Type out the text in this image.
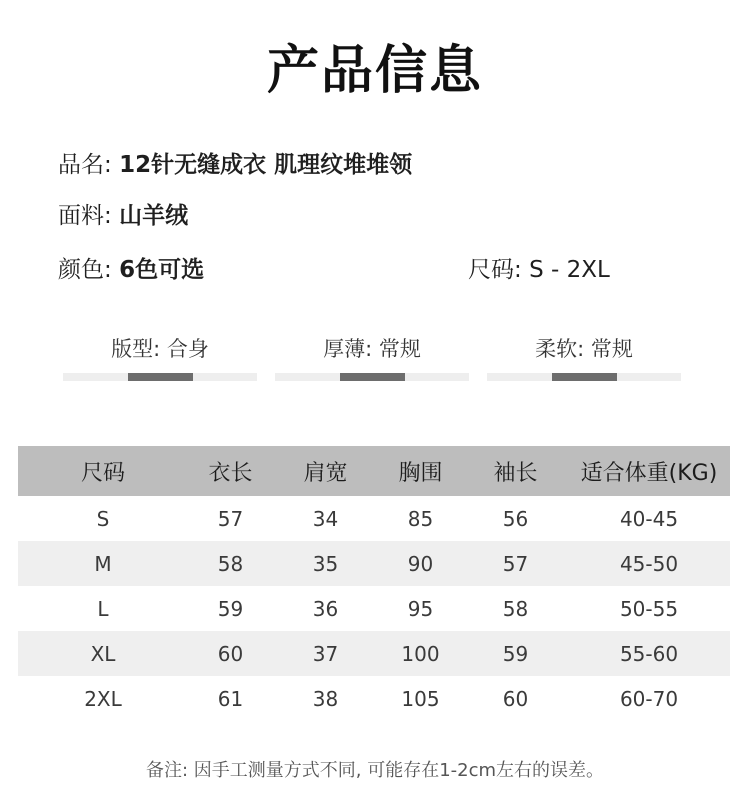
产品信息
品名: 12针无缝成衣 肌理纹堆堆领
面料: 山羊绒
颜色: 6色可选	尺码: S - 2XL
版型: 合身	厚薄: 常规	柔软: 常规
尺码	衣长	肩宽	胸围	袖长	适合体重(KG)
S	57	34	85	56	40-45
M	58	35	90	57	45-50
L	59	36	95	58	50-55
XL	60	37	100	59	55-60
2XL	61	38	105	60	60-70
备注: 因手工测量方式不同, 可能存在1-2cm左右的误差。
